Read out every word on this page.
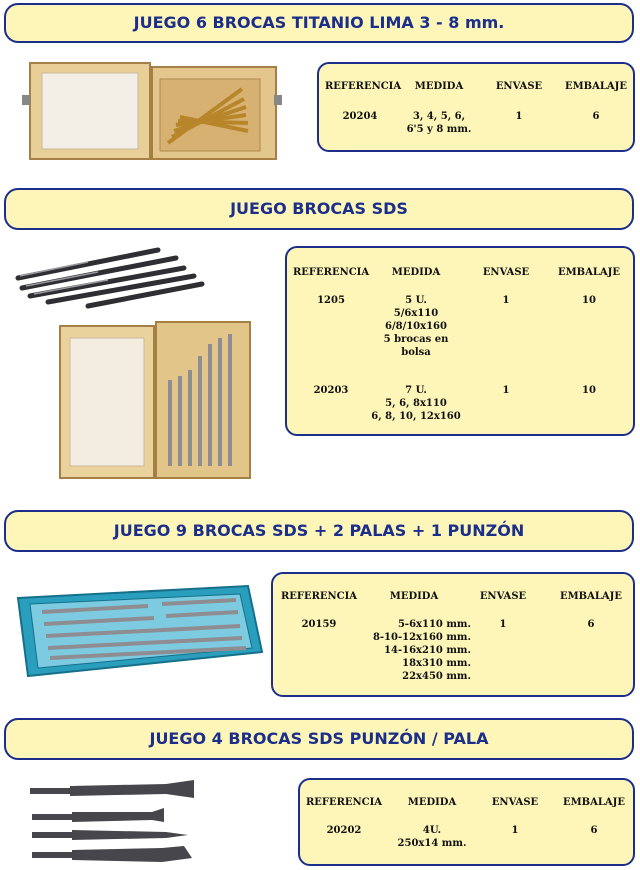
JUEGO 6 BROCAS TITANIO LIMA 3 - 8 mm.
REFERENCIA	MEDIDA	ENVASE	EMBALAJE
20204	3, 4, 5, 6,
6'5 y 8 mm.
1	6
JUEGO BROCAS SDS
REFERENCIA	MEDIDA	ENVASE	EMBALAJE
1205	5 U.
5/6x110
6/8/10x160
5 brocas en
bolsa
1	10
20203	7 U.
5, 6, 8x110
6, 8, 10, 12x160
1	10
JUEGO 9 BROCAS SDS + 2 PALAS + 1 PUNZÓN
REFERENCIA	MEDIDA	ENVASE	EMBALAJE
20159	5-6x110 mm.
8-10-12x160 mm.
14-16x210 mm.
18x310 mm.
22x450 mm.
1	6
JUEGO 4 BROCAS SDS PUNZÓN / PALA
REFERENCIA	MEDIDA	ENVASE	EMBALAJE
20202	4U.
250x14 mm.
1	6
